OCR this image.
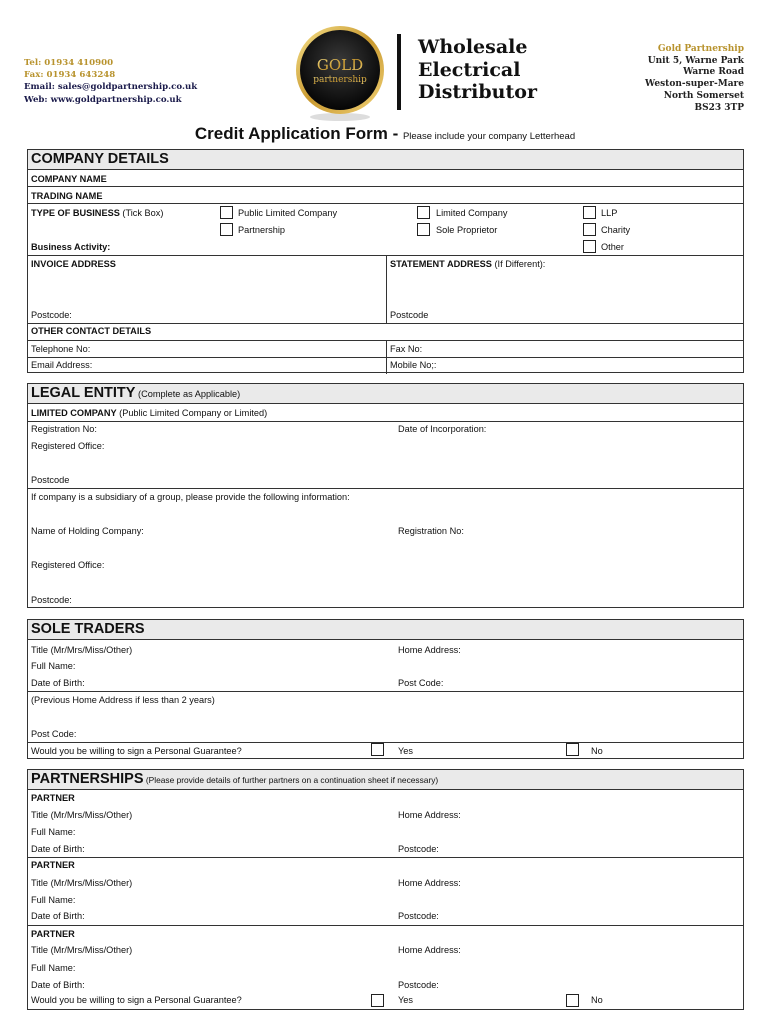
Tel: 01934 410900
Fax: 01934 643248
Email: sales@goldpartnership.co.uk
Web: www.goldpartnership.co.uk
GOLD
partnership
Wholesale
Electrical
Distributor
Gold Partnership
Unit 5, Warne Park
Warne Road
Weston-super-Mare
North Somerset
BS23 3TP
Credit Application Form - Please include your company Letterhead
COMPANY DETAILS
COMPANY NAME
TRADING NAME
TYPE OF BUSINESS (Tick Box)	Public Limited Company	Limited Company	LLP
Partnership	Sole Proprietor	Charity
Business Activity:	Other
INVOICE ADDRESS	STATEMENT ADDRESS (If Different):
Postcode:	Postcode
OTHER CONTACT DETAILS
Telephone No:	Fax No:
Email Address:	Mobile No;:
LEGAL ENTITY (Complete as Applicable)
LIMITED COMPANY (Public Limited Company or Limited)
Registration No:	Date of Incorporation:
Registered Office:
Postcode
If company is a subsidiary of a group, please provide the following information:
Name of Holding Company:	Registration No:
Registered Office:
Postcode:
SOLE TRADERS
Title (Mr/Mrs/Miss/Other)	Home Address:
Full Name:
Date of Birth:	Post Code:
(Previous Home Address if less than 2 years)
Post Code:
Would you be willing to sign a Personal Guarantee?	Yes	No
PARTNERSHIPS (Please provide details of further partners on a continuation sheet if necessary)
PARTNER
Title (Mr/Mrs/Miss/Other)	Home Address:
Full Name:
Date of Birth:	Postcode:
PARTNER
Title (Mr/Mrs/Miss/Other)	Home Address:
Full Name:
Date of Birth:	Postcode:
PARTNER
Title (Mr/Mrs/Miss/Other)	Home Address:
Full Name:
Date of Birth:	Postcode:
Would you be willing to sign a Personal Guarantee?	Yes	No
